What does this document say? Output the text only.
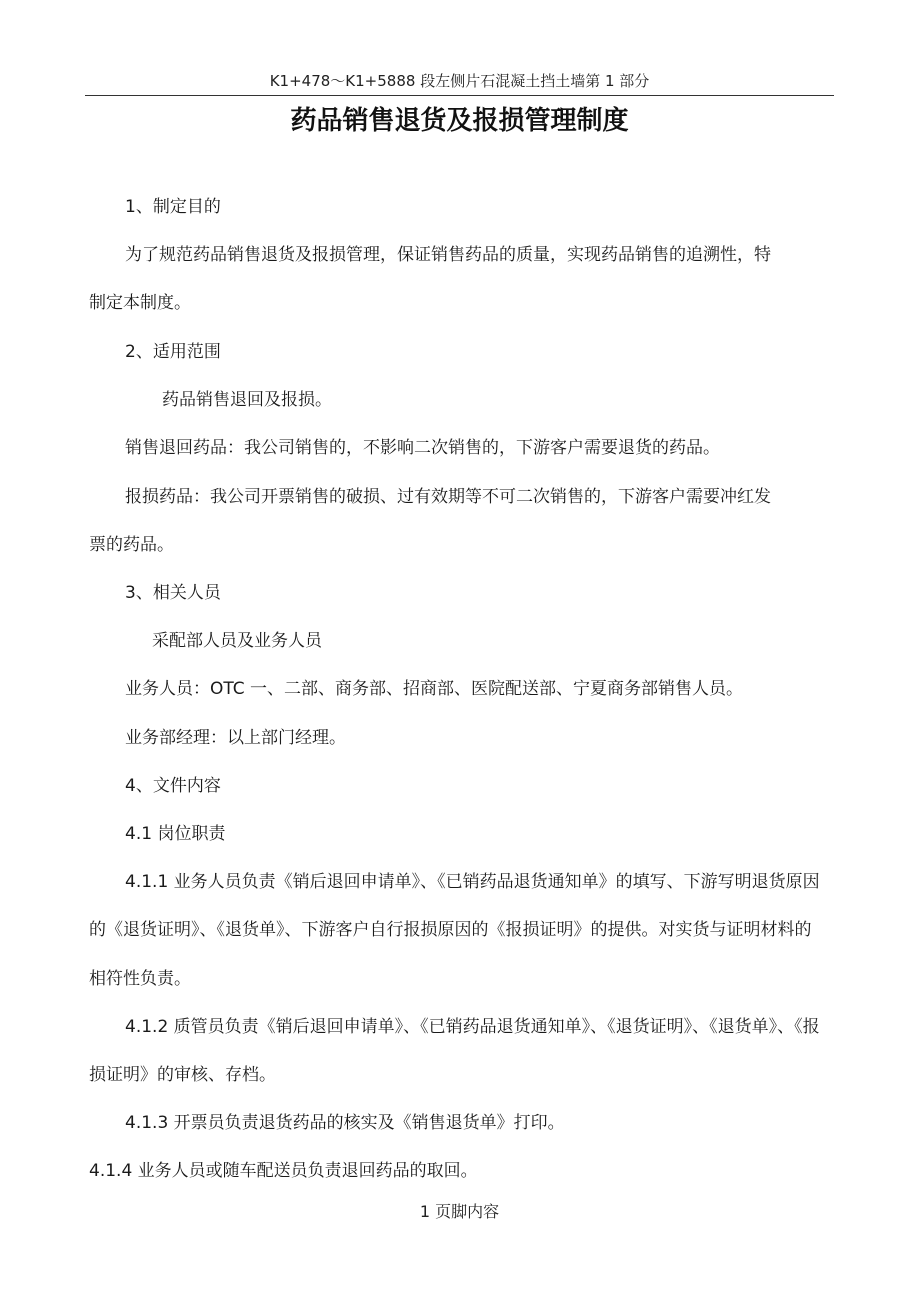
K1+478～K1+5888 段左侧片石混凝土挡土墙第 1 部分
药品销售退货及报损管理制度
1、制定目的
为了规范药品销售退货及报损管理，保证销售药品的质量，实现药品销售的追溯性，特
制定本制度。
2、适用范围
药品销售退回及报损。
销售退回药品：我公司销售的，不影响二次销售的，下游客户需要退货的药品。
报损药品：我公司开票销售的破损、过有效期等不可二次销售的，下游客户需要冲红发
票的药品。
3、相关人员
采配部人员及业务人员
业务人员：OTC 一、二部、商务部、招商部、医院配送部、宁夏商务部销售人员。
业务部经理：以上部门经理。
4、文件内容
4.1 岗位职责
4.1.1 业务人员负责《销后退回申请单》、《已销药品退货通知单》的填写、下游写明退货原因
的《退货证明》、《退货单》、下游客户自行报损原因的《报损证明》的提供。对实货与证明材料的
相符性负责。
4.1.2 质管员负责《销后退回申请单》、《已销药品退货通知单》、《退货证明》、《退货单》、《报
损证明》的审核、存档。
4.1.3 开票员负责退货药品的核实及《销售退货单》打印。
4.1.4 业务人员或随车配送员负责退回药品的取回。
1 页脚内容
